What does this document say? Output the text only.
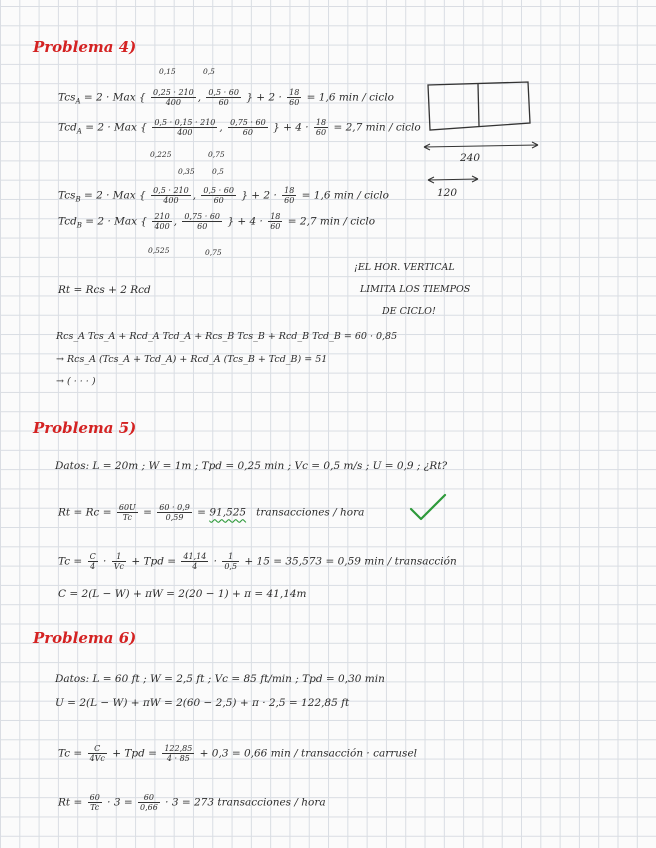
Problema 4)
0,15	0,5
Tcs$_A$ = 2 · Max { $\frac{0,25 \cdot 210}{400}$ , $\frac{0,5 \cdot 60}{60}$ } + $2 \cdot \frac{18}{60} = 1,6$ min / ciclo
Tcd$_A$ = 2 · Max { $\frac{0,5 \cdot 0,15 \cdot 210}{400}$ , $\frac{0,75 \cdot 60}{60}$ } + $4 \cdot \frac{18}{60} = 2,7$ min / ciclo
0,225	0,75
0,35 0,5
Tcs$_B$ = 2 · Max { $\frac{0,5 \cdot 210}{400}$ , $\frac{0,5 \cdot 60}{60}$ } + $2 \cdot \frac{18}{60} = 1,6$ min / ciclo
Tcd$_B$ = 2 · Max { $\frac{210}{400}$ , $\frac{0,75 \cdot 60}{60}$ } + $4 \cdot \frac{18}{60} = 2,7$ min / ciclo
0,525	0,75
240
120
Rt = Rcs + 2 Rcd
¡EL HOR. VERTICAL
LIMITA LOS TIEMPOS
DE CICLO!
Rcs_A Tcs_A + Rcd_A Tcd_A + Rcs_B Tcs_B + Rcd_B Tcd_B = 60 · 0,85
→ Rcs_A (Tcs_A + Tcd_A) + Rcd_A (Tcs_B + Tcd_B) = 51
→ ( · · · )
Problema 5)
Datos: L = 20m ; W = 1m ; Tpd = 0,25 min ; Vc = 0,5 m/s ; U = 0,9 ; ¿Rt?
$Rt = Rc = \frac{60U}{Tc} = \frac{60 \cdot 0,9}{0,59} = 91,525$ transacciones / hora
$Tc = \frac{C}{4} \cdot \frac{1}{Vc}$ + Tpd = $\frac{41,14}{4} \cdot \frac{1}{0,5} + 15 = 35,573 = 0,59$ min / transacción
C = 2(L − W) + πW = 2(20 − 1) + π = 41,14m
Problema 6)
Datos: L = 60 ft ; W = 2,5 ft ; Vc = 85 ft/min ; Tpd = 0,30 min
U = 2(L − W) + πW = 2(60 − 2,5) + π · 2,5 = 122,85 ft
$Tc = \frac{C}{4Vc}$ + Tpd = $\frac{122,85}{4 \cdot 85} + 0,3 = 0,66$ min / transacción · carrusel
$Rt = \frac{60}{Tc} \cdot 3 = \frac{60}{0,66} \cdot 3 = 273$ transacciones / hora
